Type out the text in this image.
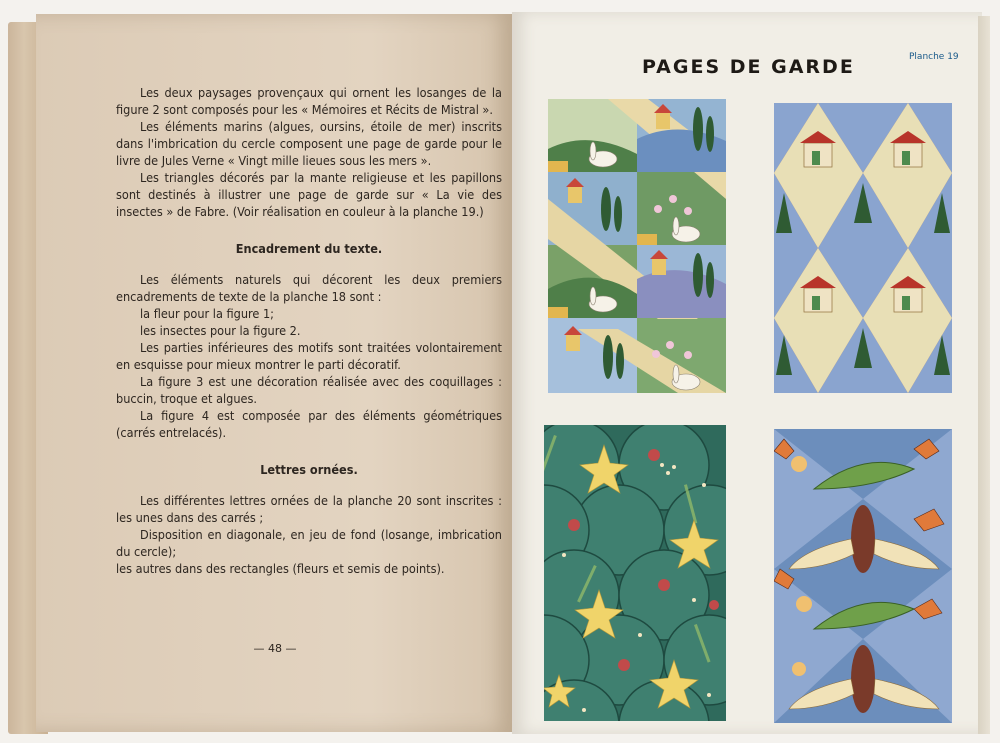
Les deux paysages provençaux qui ornent les losanges de la figure 2 sont composés pour les « Mémoires et Récits de Mistral ».

Les éléments marins (algues, oursins, étoile de mer) inscrits dans l'imbrication du cercle composent une page de garde pour le livre de Jules Verne « Vingt mille lieues sous les mers ».

Les triangles décorés par la mante religieuse et les papillons sont destinés à illustrer une page de garde sur « La vie des insectes » de Fabre. (Voir réalisation en couleur à la planche 19.)

Encadrement du texte.

Les éléments naturels qui décorent les deux premiers encadrements de texte de la planche 18 sont :

la fleur pour la figure 1;

les insectes pour la figure 2.

Les parties inférieures des motifs sont traitées volontairement en esquisse pour mieux montrer le parti décoratif.

La figure 3 est une décoration réalisée avec des coquillages : buccin, troque et algues.

La figure 4 est composée par des éléments géométriques (carrés entrelacés).

Lettres ornées.

Les différentes lettres ornées de la planche 20 sont inscrites : les unes dans des carrés ;

Disposition en diagonale, en jeu de fond (losange, imbrication du cercle);

les autres dans des rectangles (fleurs et semis de points).

— 48 —
PAGES DE GARDE	Planche 19
